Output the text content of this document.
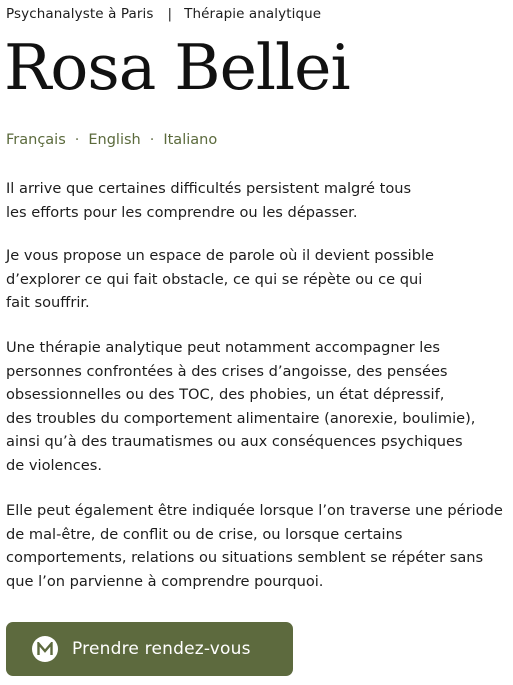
Psychanalyste à Paris | Thérapie analytique
Rosa Bellei
Français · English · Italiano

Il arrive que certaines difficultés persistent malgré tous
les efforts pour les comprendre ou les dépasser.

Je vous propose un espace de parole où il devient possible
d’explorer ce qui fait obstacle, ce qui se répète ou ce qui
fait souffrir.

Une thérapie analytique peut notamment accompagner les
personnes confrontées à des crises d’angoisse, des pensées
obsessionnelles ou des TOC, des phobies, un état dépressif,
des troubles du comportement alimentaire (anorexie, boulimie),
ainsi qu’à des traumatismes ou aux conséquences psychiques
de violences.

Elle peut également être indiquée lorsque l’on traverse une période
de mal-être, de conflit ou de crise, ou lorsque certains
comportements, relations ou situations semblent se répéter sans
que l’on parvienne à comprendre pourquoi.

Prendre rendez-vous
